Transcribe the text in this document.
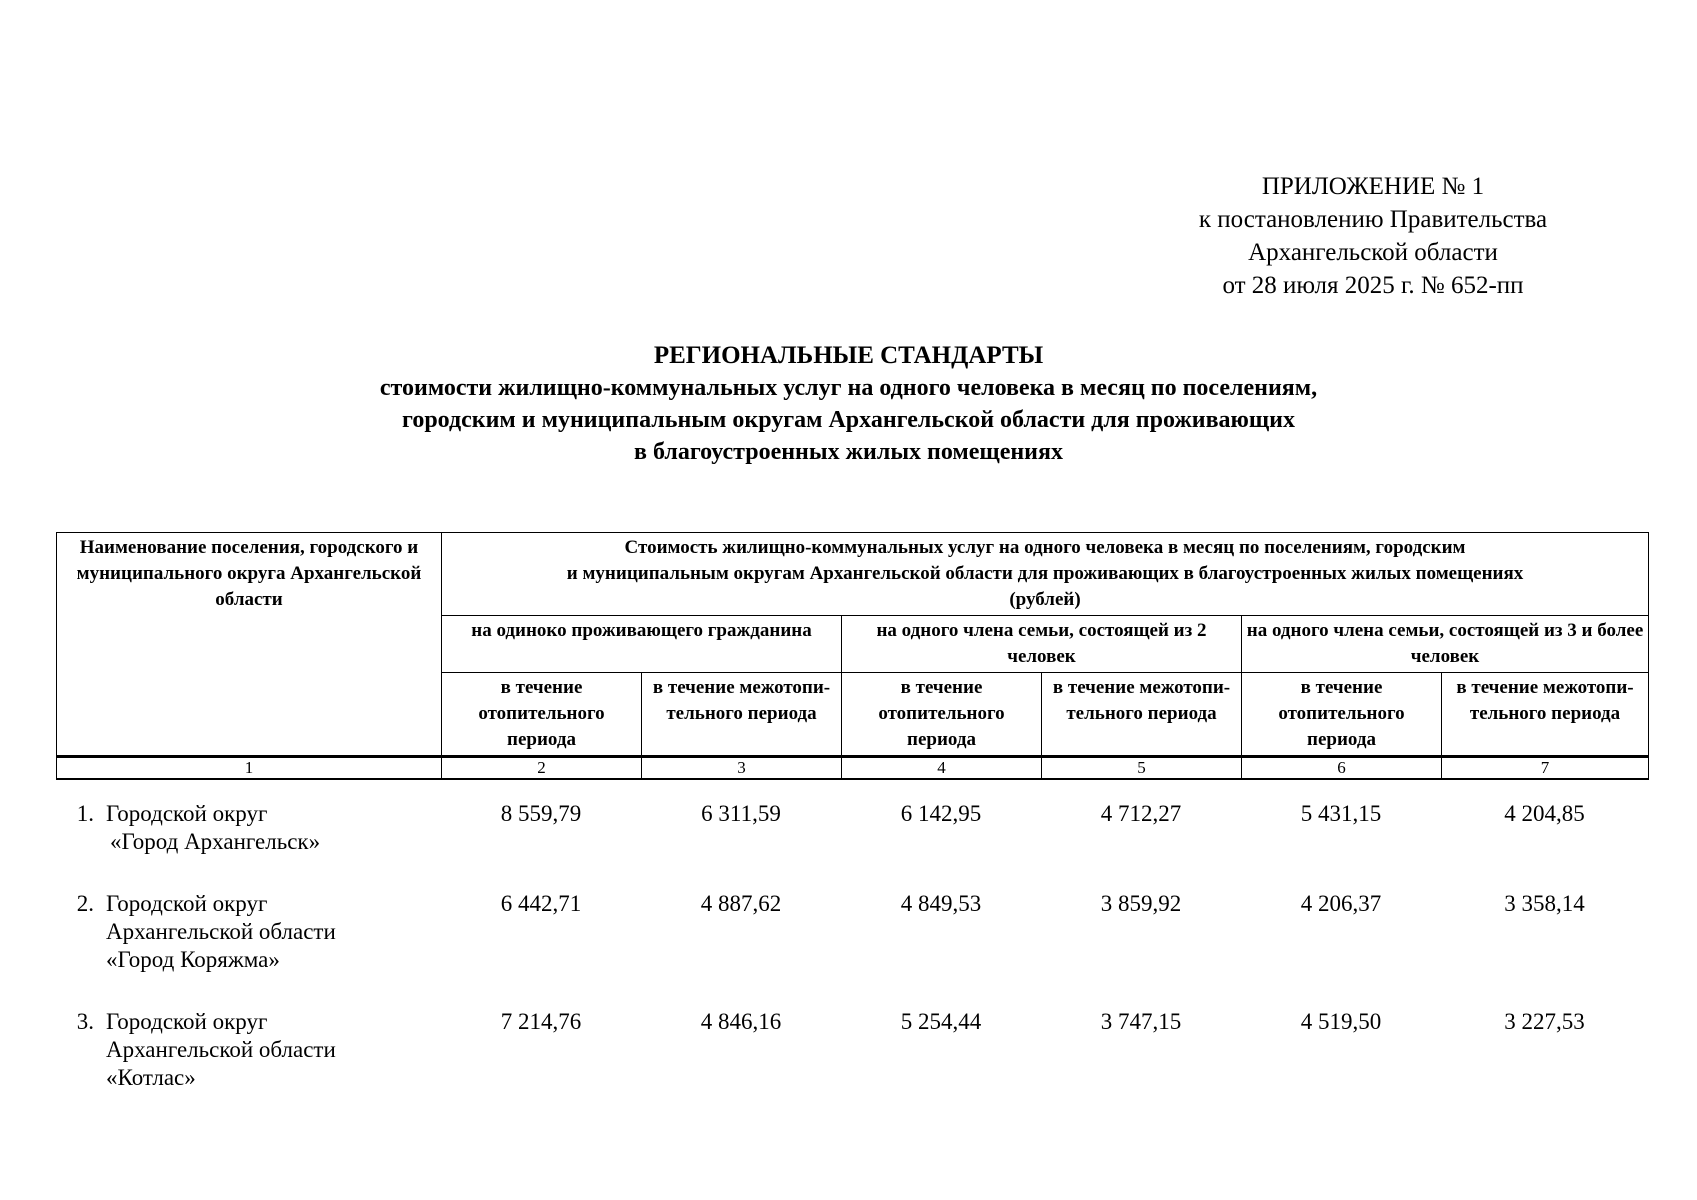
ПРИЛОЖЕНИЕ № 1
к постановлению Правительства
Архангельской области
от 28 июля 2025 г. № 652-пп
РЕГИОНАЛЬНЫЕ СТАНДАРТЫ
стоимости жилищно-коммунальных услуг на одного человека в месяц по поселениям,
городским и муниципальным округам Архангельской области для проживающих
в благоустроенных жилых помещениях
Наименование поселения, городского и муниципального округа Архангельской области	Стоимость жилищно-коммунальных услуг на одного человека в месяц по поселениям, городским
и муниципальным округам Архангельской области для проживающих в благоустроенных жилых помещениях
(рублей)					

	на одиноко проживающего гражданина		на одного члена семьи, состоящей из 2 человек		на одного члена семьи, состоящей из 3 и более человек	
	в течение отопительного периода	в течение межотопи- тельного периода	в течение отопительного периода	в течение межотопи- тельного периода	в течение отопительного периода	в течение межотопи- тельного периода
1	2	3	4	5	6	7
1.	Городской округ
«Город Архангельск»	8 559,79	6 311,59	6 142,95	4 712,27	5 431,15	4 204,85
2.	Городской округ
Архангельской области
«Город Коряжма»	6 442,71	4 887,62	4 849,53	3 859,92	4 206,37	3 358,14
3.	Городской округ
Архангельской области
«Котлас»	7 214,76	4 846,16	5 254,44	3 747,15	4 519,50	3 227,53
